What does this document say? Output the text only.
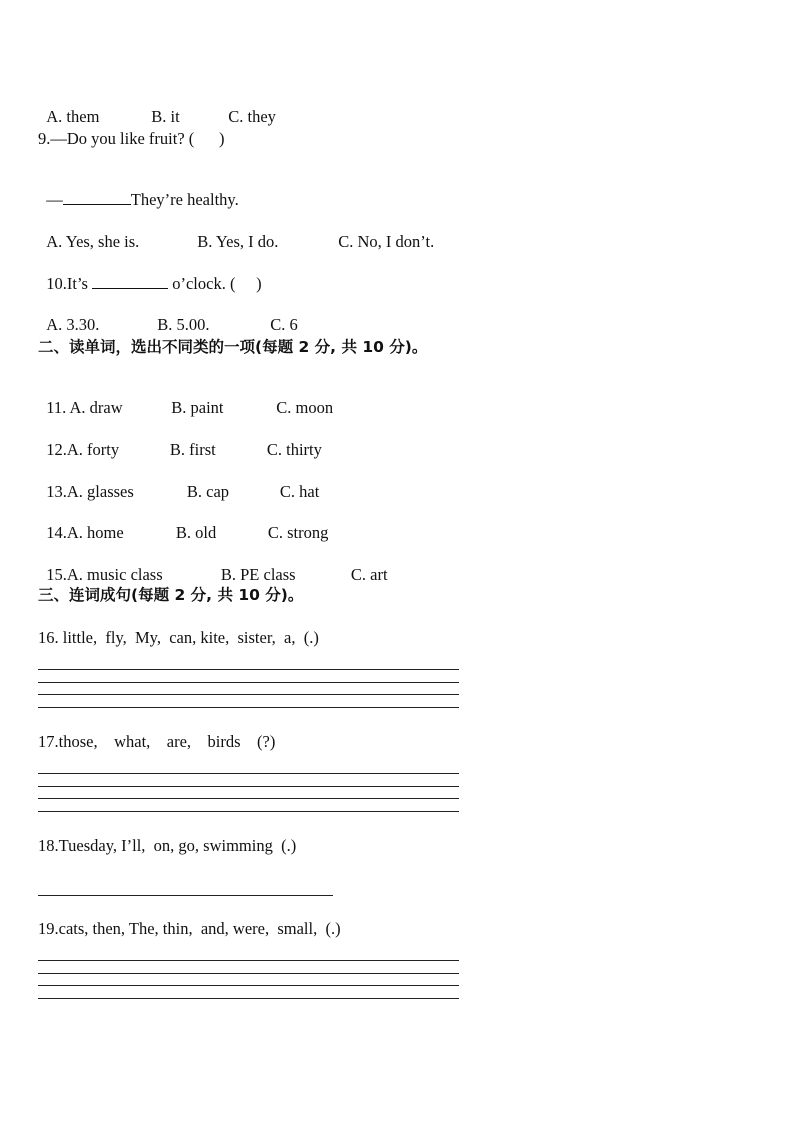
A. them	B. it	C. they

9.—Do you like fruit? (      )

—	They’re healthy.

A. Yes, she is.	B. Yes, I do.	C. No, I don’t.

10.It’s	o’clock. (     )

A. 3.30.	B. 5.00.	C. 6

二、读单词，选出不同类的一项(每题 2 分, 共 10 分)。

11. A. draw	B. paint	C. moon

12.A. forty	B. first	C. thirty

13.A. glasses	B. cap	C. hat

14.A. home	B. old	C. strong

15.A. music class	B. PE class	C. art

三、连词成句(每题 2 分, 共 10 分)。
16. little,  fly,  My,  can, kite,  sister,  a,  (.)
17.those,    what,    are,    birds    (?)
18.Tuesday, I’ll,  on, go, swimming  (.)
19.cats, then, The, thin,  and, were,  small,  (.)
